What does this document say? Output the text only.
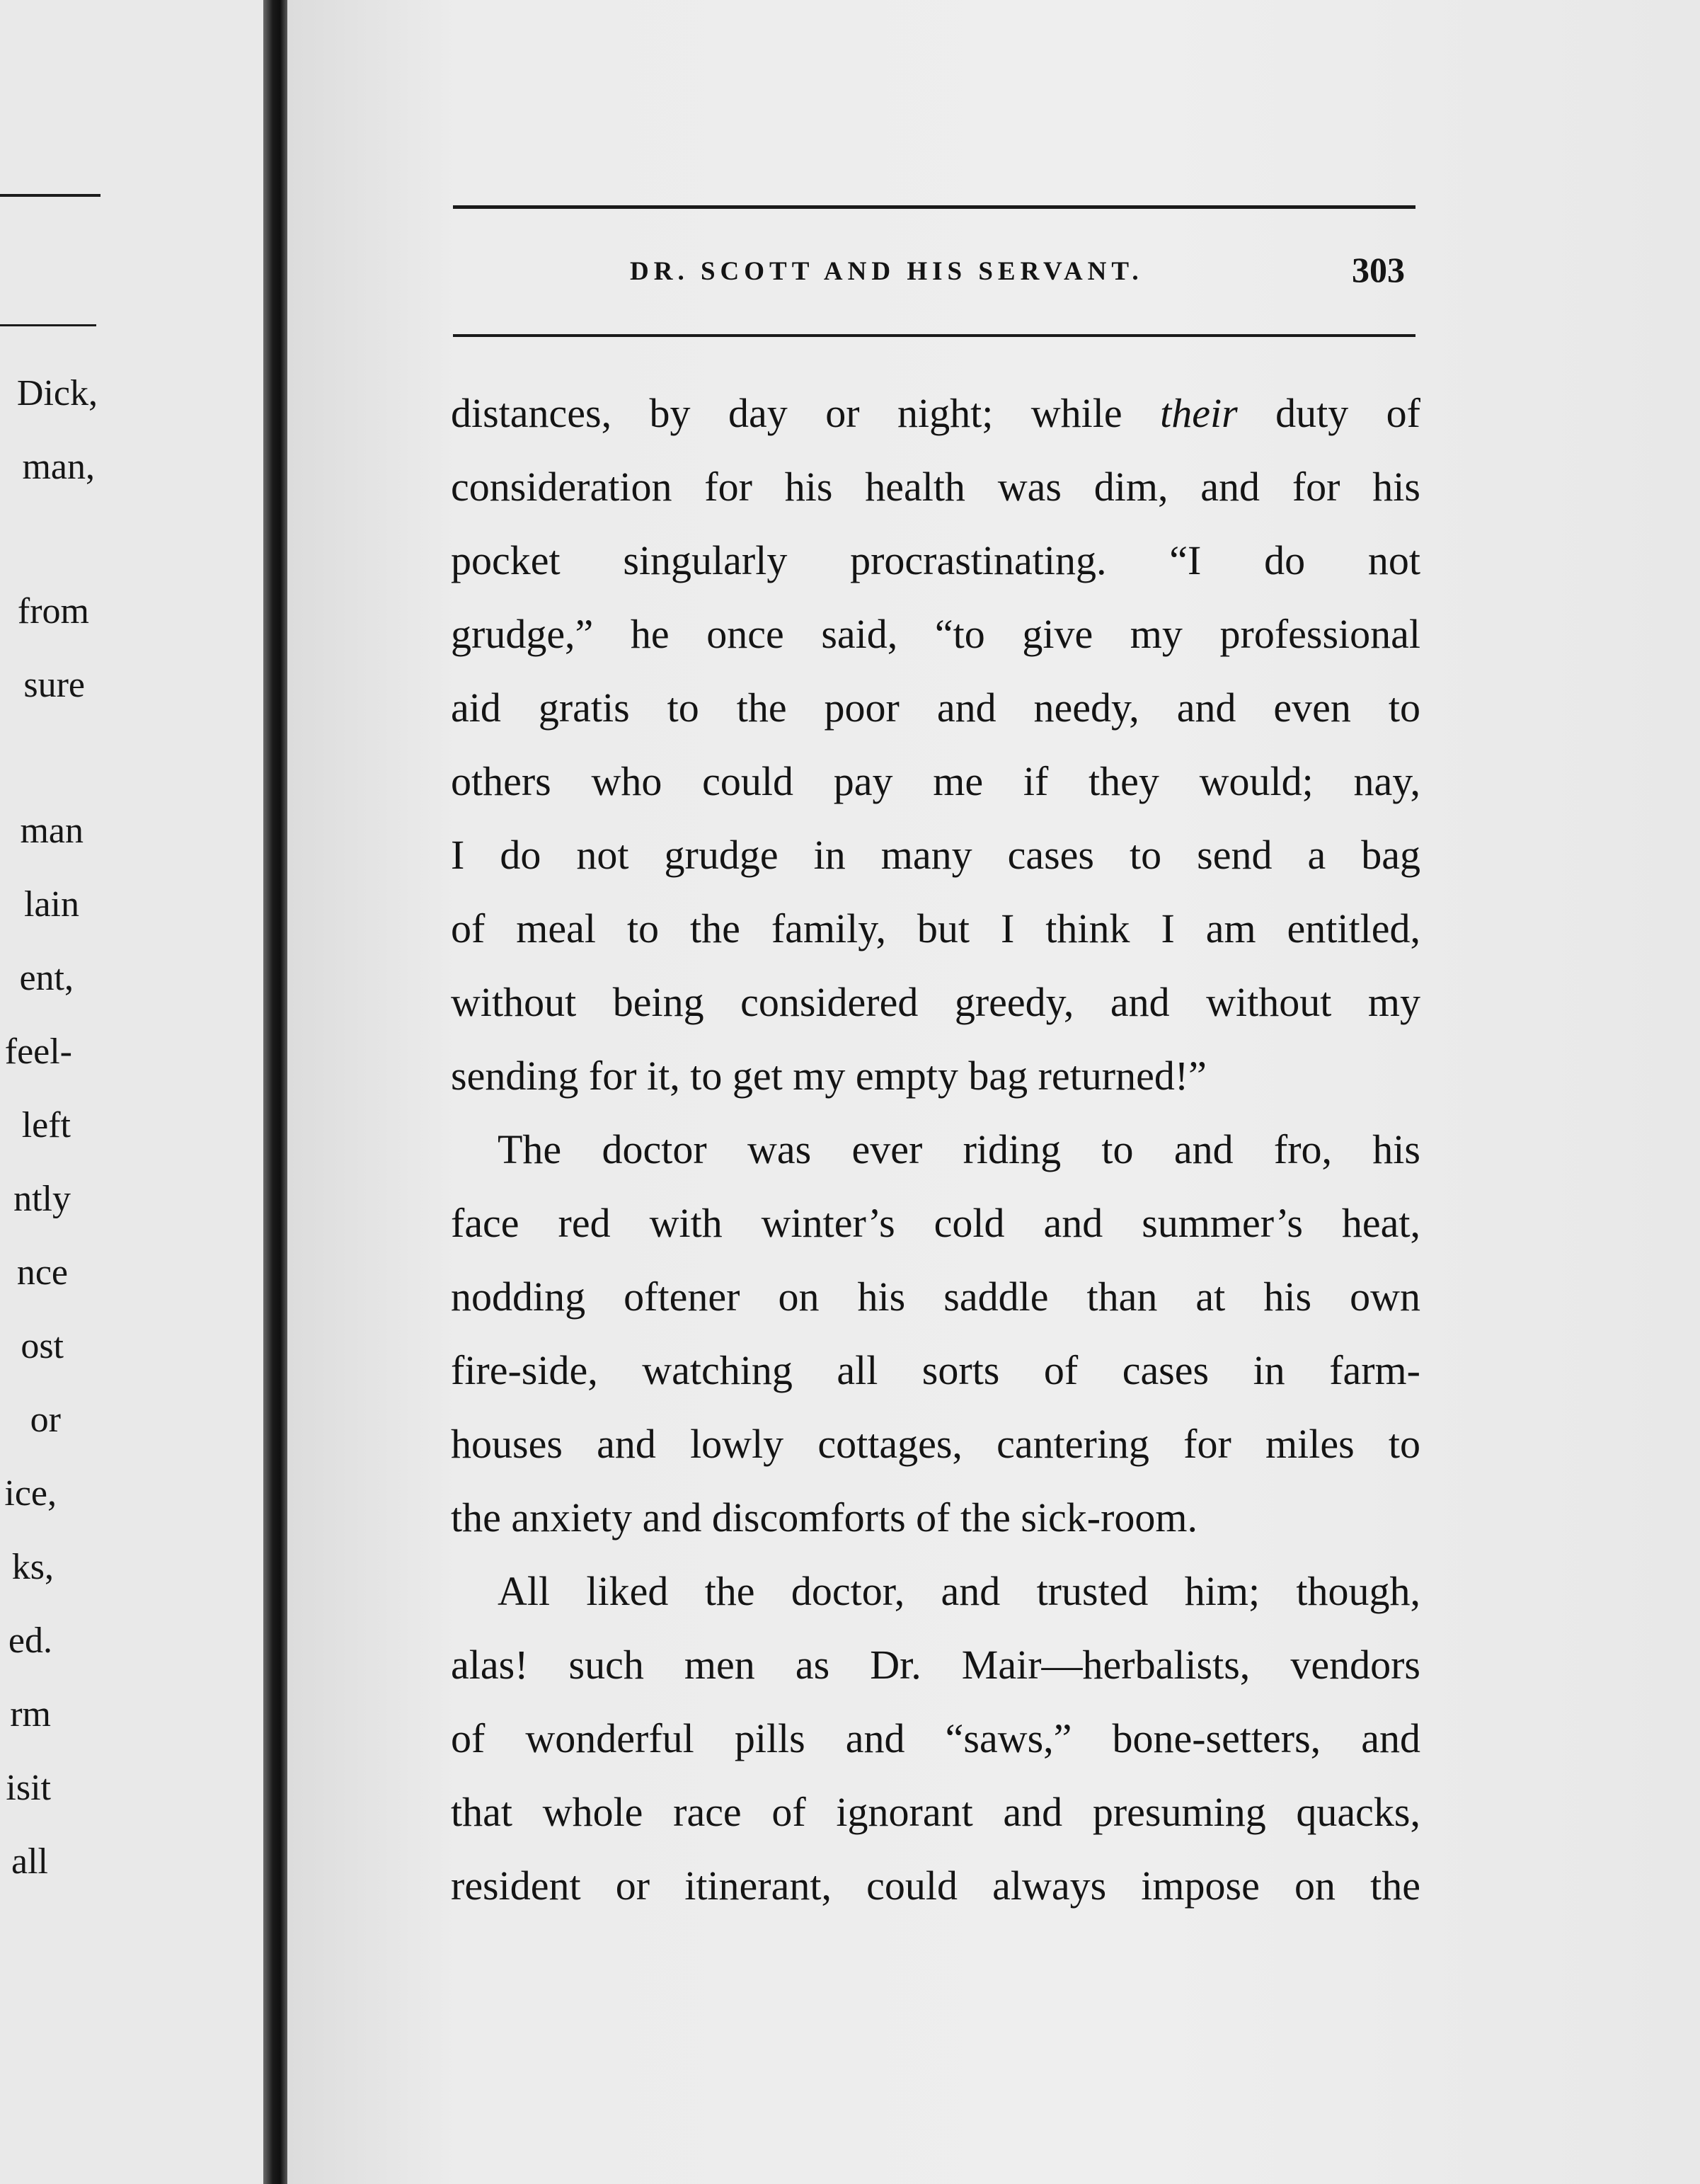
Dick,
man,
from
sure
man
lain
ent,
feel-
left
ntly
nce
ost
or
ice,
ks,
ed.
rm
isit
all
DR. SCOTT AND HIS SERVANT.	303
distances, by day or night; while their duty of
consideration for his health was dim, and for his
pocket singularly procrastinating. “I do not
grudge,” he once said, “to give my professional
aid gratis to the poor and needy, and even to
others who could pay me if they would; nay,
I do not grudge in many cases to send a bag
of meal to the family, but I think I am entitled,
without being considered greedy, and without my
sending for it, to get my empty bag returned!”
The doctor was ever riding to and fro, his
face red with winter’s cold and summer’s heat,
nodding oftener on his saddle than at his own
fire-side, watching all sorts of cases in farm-
houses and lowly cottages, cantering for miles to
the anxiety and discomforts of the sick-room.
All liked the doctor, and trusted him; though,
alas! such men as Dr. Mair—herbalists, vendors
of wonderful pills and “saws,” bone-setters, and
that whole race of ignorant and presuming quacks,
resident or itinerant, could always impose on the
